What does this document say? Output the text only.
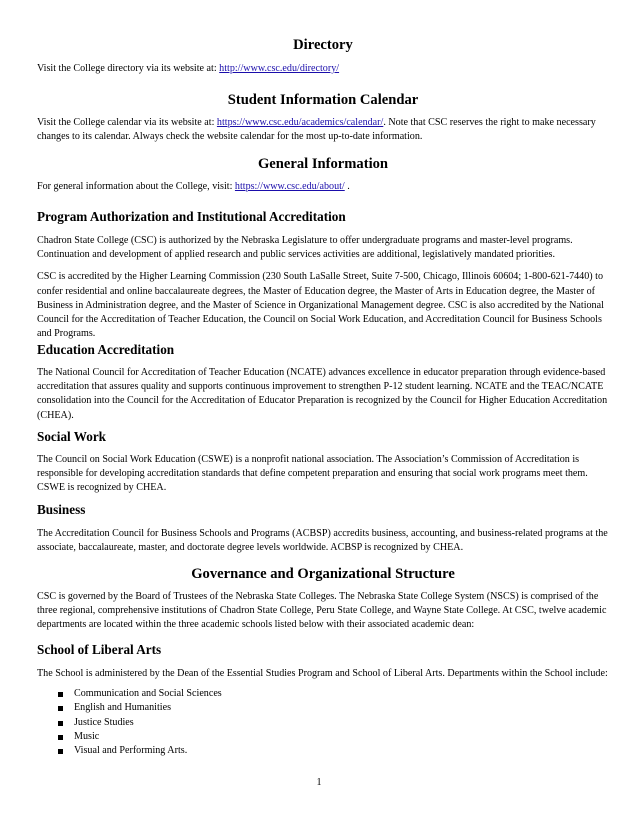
Directory

Visit the College directory via its website at: http://www.csc.edu/directory/

Student Information Calendar

Visit the College calendar via its website at: https://www.csc.edu/academics/calendar/. Note that CSC reserves the right to make necessary changes to its calendar. Always check the website calendar for the most up-to-date information.

General Information

For general information about the College, visit: https://www.csc.edu/about/ .

Program Authorization and Institutional Accreditation

Chadron State College (CSC) is authorized by the Nebraska Legislature to offer undergraduate programs and master-level programs. Continuation and development of applied research and public services activities are additional, legislatively mandated priorities.

CSC is accredited by the Higher Learning Commission (230 South LaSalle Street, Suite 7-500, Chicago, Illinois 60604; 1-800-621-7440) to confer residential and online baccalaureate degrees, the Master of Education degree, the Master of Arts in Education degree, the Master of Business in Administration degree, and the Master of Science in Organizational Management degree. CSC is also accredited by the National Council for the Accreditation of Teacher Education, the Council on Social Work Education, and Accreditation Council for Business Schools and Programs.

Education Accreditation

The National Council for Accreditation of Teacher Education (NCATE) advances excellence in educator preparation through evidence-based accreditation that assures quality and supports continuous improvement to strengthen P-12 student learning. NCATE and the TEAC/NCATE consolidation into the Council for the Accreditation of Educator Preparation is recognized by the Council for Higher Education Accreditation (CHEA).

Social Work

The Council on Social Work Education (CSWE) is a nonprofit national association. The Association’s Commission of Accreditation is responsible for developing accreditation standards that define competent preparation and ensuring that social work programs meet them. CSWE is recognized by CHEA.

Business

The Accreditation Council for Business Schools and Programs (ACBSP) accredits business, accounting, and business-related programs at the associate, baccalaureate, master, and doctorate degree levels worldwide. ACBSP is recognized by CHEA.

Governance and Organizational Structure

CSC is governed by the Board of Trustees of the Nebraska State Colleges. The Nebraska State College System (NSCS) is comprised of the three regional, comprehensive institutions of Chadron State College, Peru State College, and Wayne State College. At CSC, twelve academic departments are located within the three academic schools listed below with their associated academic dean:

School of Liberal Arts

The School is administered by the Dean of the Essential Studies Program and School of Liberal Arts. Departments within the School include:

Communication and Social Sciences
English and Humanities
Justice Studies
Music
Visual and Performing Arts.
1
